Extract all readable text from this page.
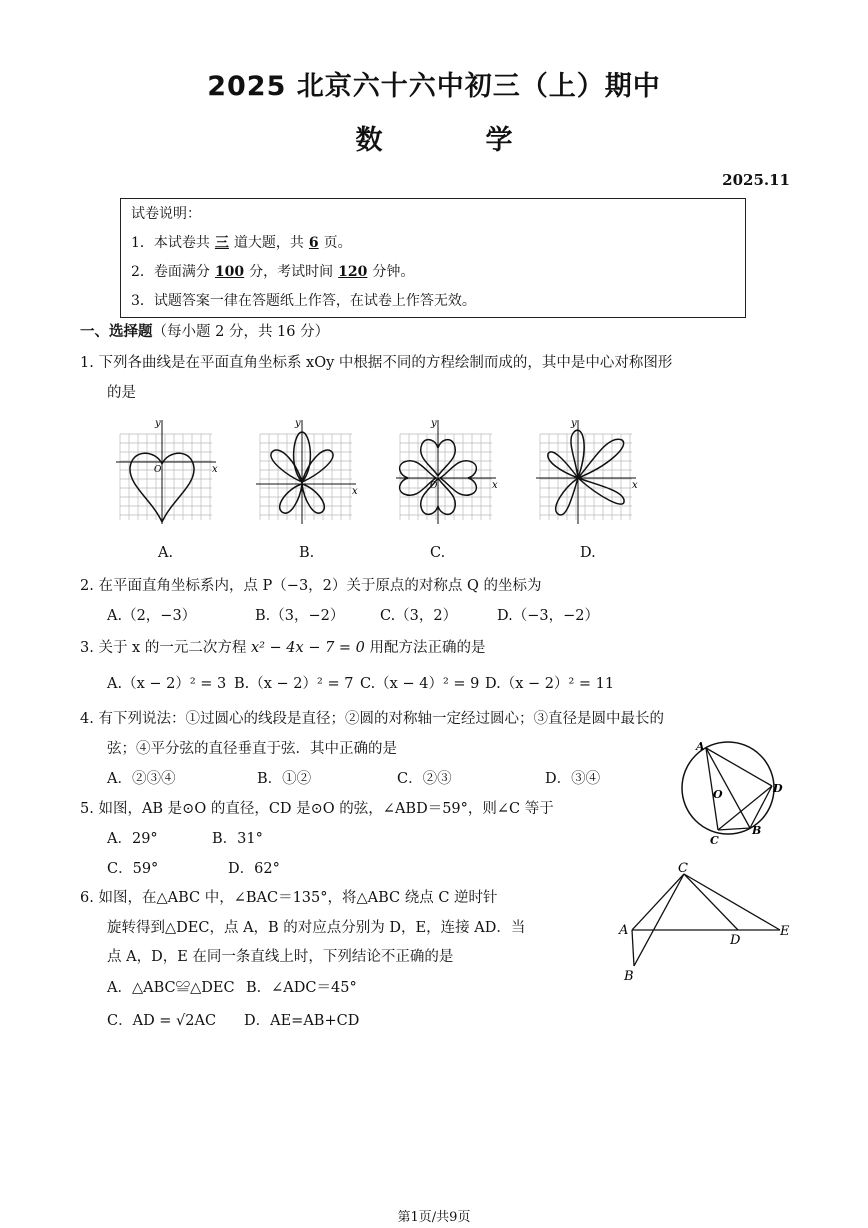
2025 北京六十六中初三（上）期中
数　学
2025.11
试卷说明：
1．本试卷共 三 道大题，共 6 页。
2．卷面满分 100 分，考试时间 120 分钟。
3．试题答案一律在答题纸上作答，在试卷上作答无效。
一、选择题（每小题 2 分，共 16 分）
1. 下列各曲线是在平面直角坐标系 xOy 中根据不同的方程绘制而成的，其中是中心对称图形
的是
x
y
O
x
y
x
y
O	x
y
A.	B.	C.	D.
2. 在平面直角坐标系内，点 P（−3，2）关于原点的对称点 Q 的坐标为
A.（2，−3）	B.（3，−2） C.（3，2）	D.（−3，−2）
3. 关于 x 的一元二次方程 x² − 4x − 7 = 0 用配方法正确的是
A.（x − 2）² = 3 B.（x − 2）² = 7 C.（x − 4）² = 9 D.（x − 2）² = 11
4. 有下列说法：①过圆心的线段是直径；②圆的对称轴一定经过圆心；③直径是圆中最长的
弦；④平分弦的直径垂直于弦．其中正确的是
A．②③④	B．①②	C．②③	D．③④
5. 如图，AB 是⊙O 的直径，CD 是⊙O 的弦，∠ABD＝59°，则∠C 等于
A．29°	B．31°
C．59°	D．62°
A
O	D
B
C
6. 如图，在△ABC 中，∠BAC＝135°，将△ABC 绕点 C 逆时针
旋转得到△DEC，点 A，B 的对应点分别为 D，E，连接 AD．当
点 A，D，E 在同一条直线上时，下列结论不正确的是
A．△ABC≌△DEC B．∠ADC＝45°
C．AD = √2AC D．AE=AB+CD
C
A
D
E
B
第1页/共9页
